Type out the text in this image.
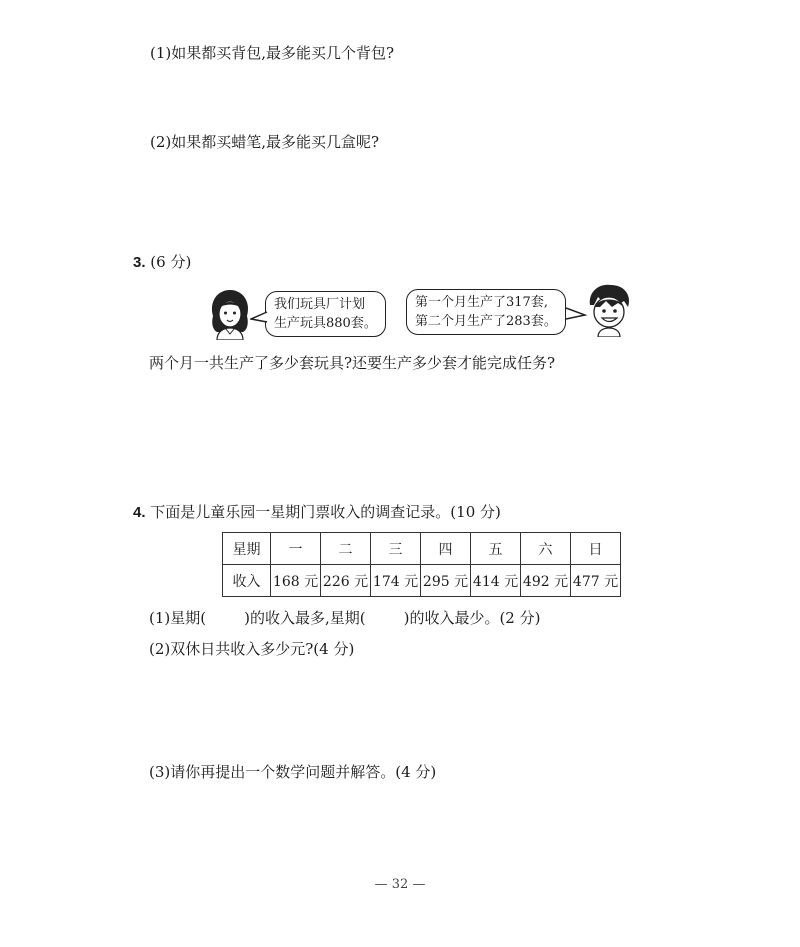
(1)如果都买背包,最多能买几个背包?
(2)如果都买蜡笔,最多能买几盒呢?
3. (6 分)
我们玩具厂计划
生产玩具880套。
第一个月生产了317套,
第二个月生产了283套。
两个月一共生产了多少套玩具?还要生产多少套才能完成任务?
4. 下面是儿童乐园一星期门票收入的调查记录。(10 分)
星期	一	二	三	四	五	六	日
收入	168 元	226 元	174 元	295 元	414 元	492 元	477 元
(1)星期(	)的收入最多,星期(	)的收入最少。(2 分)
(2)双休日共收入多少元?(4 分)
(3)请你再提出一个数学问题并解答。(4 分)
— 32 —
